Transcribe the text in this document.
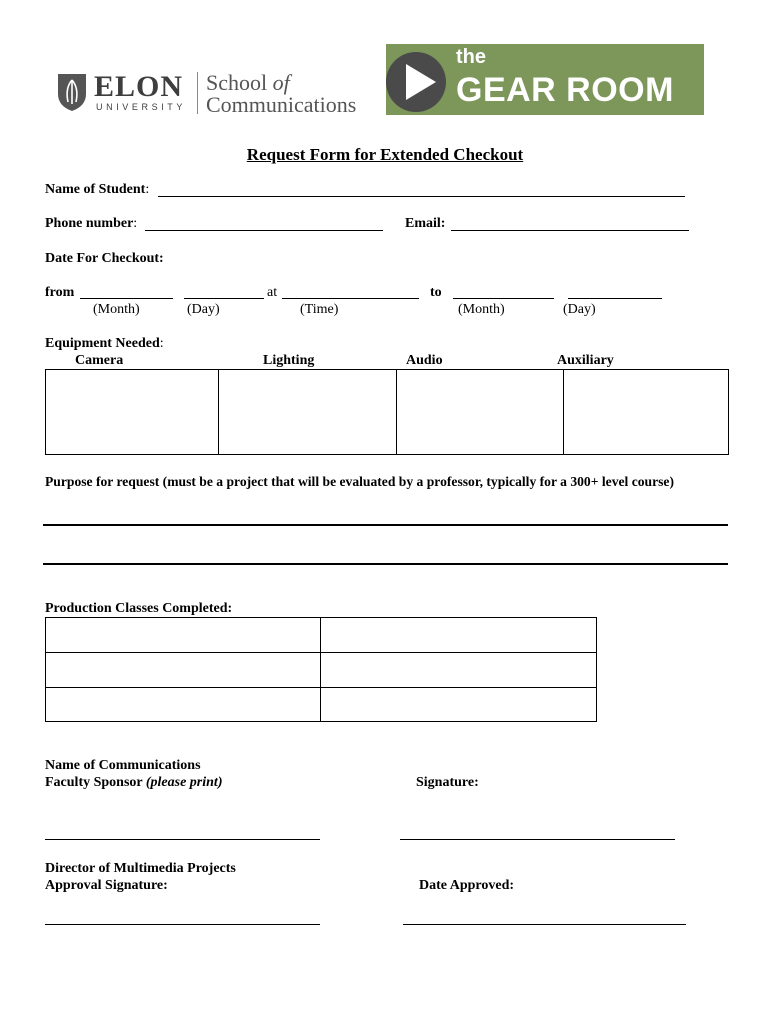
ELON
UNIVERSITY
School of
Communications
the
GEAR ROOM
Request Form for Extended Checkout
Name of Student:
Phone number:	Email:
Date For Checkout:
from	at	to
(Month)	(Day)	(Time)	(Month)	(Day)
Equipment Needed:
Camera	Lighting	Audio	Auxiliary
Purpose for request (must be a project that will be evaluated by a professor, typically for a 300+ level course)
Production Classes Completed:
Name of Communications
Faculty Sponsor (please print)	Signature:
Director of Multimedia Projects
Approval Signature:	Date Approved:
